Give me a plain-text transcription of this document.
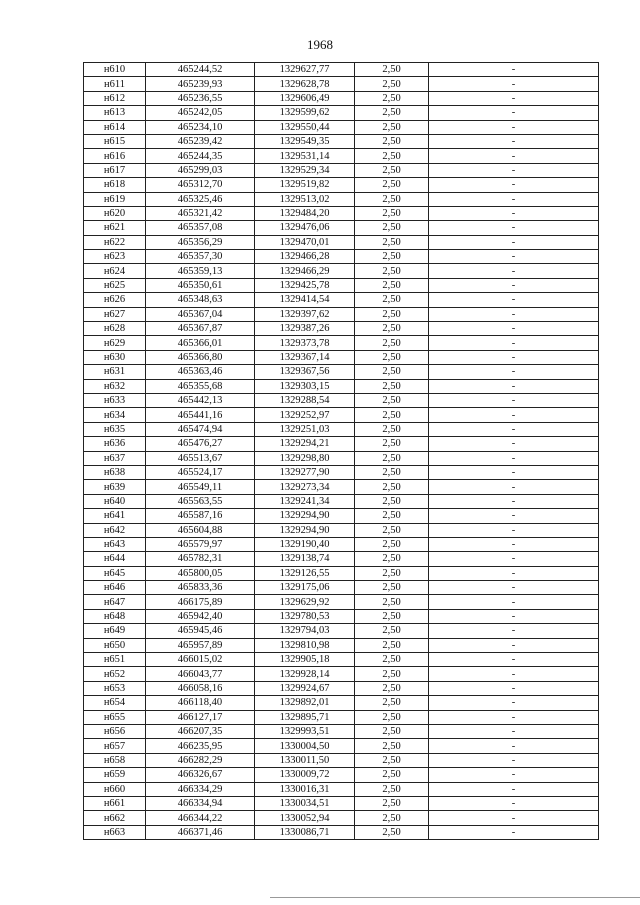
1968
н610	465244,52	1329627,77	2,50	-
н611	465239,93	1329628,78	2,50	-
н612	465236,55	1329606,49	2,50	-
н613	465242,05	1329599,62	2,50	-
н614	465234,10	1329550,44	2,50	-
н615	465239,42	1329549,35	2,50	-
н616	465244,35	1329531,14	2,50	-
н617	465299,03	1329529,34	2,50	-
н618	465312,70	1329519,82	2,50	-
н619	465325,46	1329513,02	2,50	-
н620	465321,42	1329484,20	2,50	-
н621	465357,08	1329476,06	2,50	-
н622	465356,29	1329470,01	2,50	-
н623	465357,30	1329466,28	2,50	-
н624	465359,13	1329466,29	2,50	-
н625	465350,61	1329425,78	2,50	-
н626	465348,63	1329414,54	2,50	-
н627	465367,04	1329397,62	2,50	-
н628	465367,87	1329387,26	2,50	-
н629	465366,01	1329373,78	2,50	-
н630	465366,80	1329367,14	2,50	-
н631	465363,46	1329367,56	2,50	-
н632	465355,68	1329303,15	2,50	-
н633	465442,13	1329288,54	2,50	-
н634	465441,16	1329252,97	2,50	-
н635	465474,94	1329251,03	2,50	-
н636	465476,27	1329294,21	2,50	-
н637	465513,67	1329298,80	2,50	-
н638	465524,17	1329277,90	2,50	-
н639	465549,11	1329273,34	2,50	-
н640	465563,55	1329241,34	2,50	-
н641	465587,16	1329294,90	2,50	-
н642	465604,88	1329294,90	2,50	-
н643	465579,97	1329190,40	2,50	-
н644	465782,31	1329138,74	2,50	-
н645	465800,05	1329126,55	2,50	-
н646	465833,36	1329175,06	2,50	-
н647	466175,89	1329629,92	2,50	-
н648	465942,40	1329780,53	2,50	-
н649	465945,46	1329794,03	2,50	-
н650	465957,89	1329810,98	2,50	-
н651	466015,02	1329905,18	2,50	-
н652	466043,77	1329928,14	2,50	-
н653	466058,16	1329924,67	2,50	-
н654	466118,40	1329892,01	2,50	-
н655	466127,17	1329895,71	2,50	-
н656	466207,35	1329993,51	2,50	-
н657	466235,95	1330004,50	2,50	-
н658	466282,29	1330011,50	2,50	-
н659	466326,67	1330009,72	2,50	-
н660	466334,29	1330016,31	2,50	-
н661	466334,94	1330034,51	2,50	-
н662	466344,22	1330052,94	2,50	-
н663	466371,46	1330086,71	2,50	-
